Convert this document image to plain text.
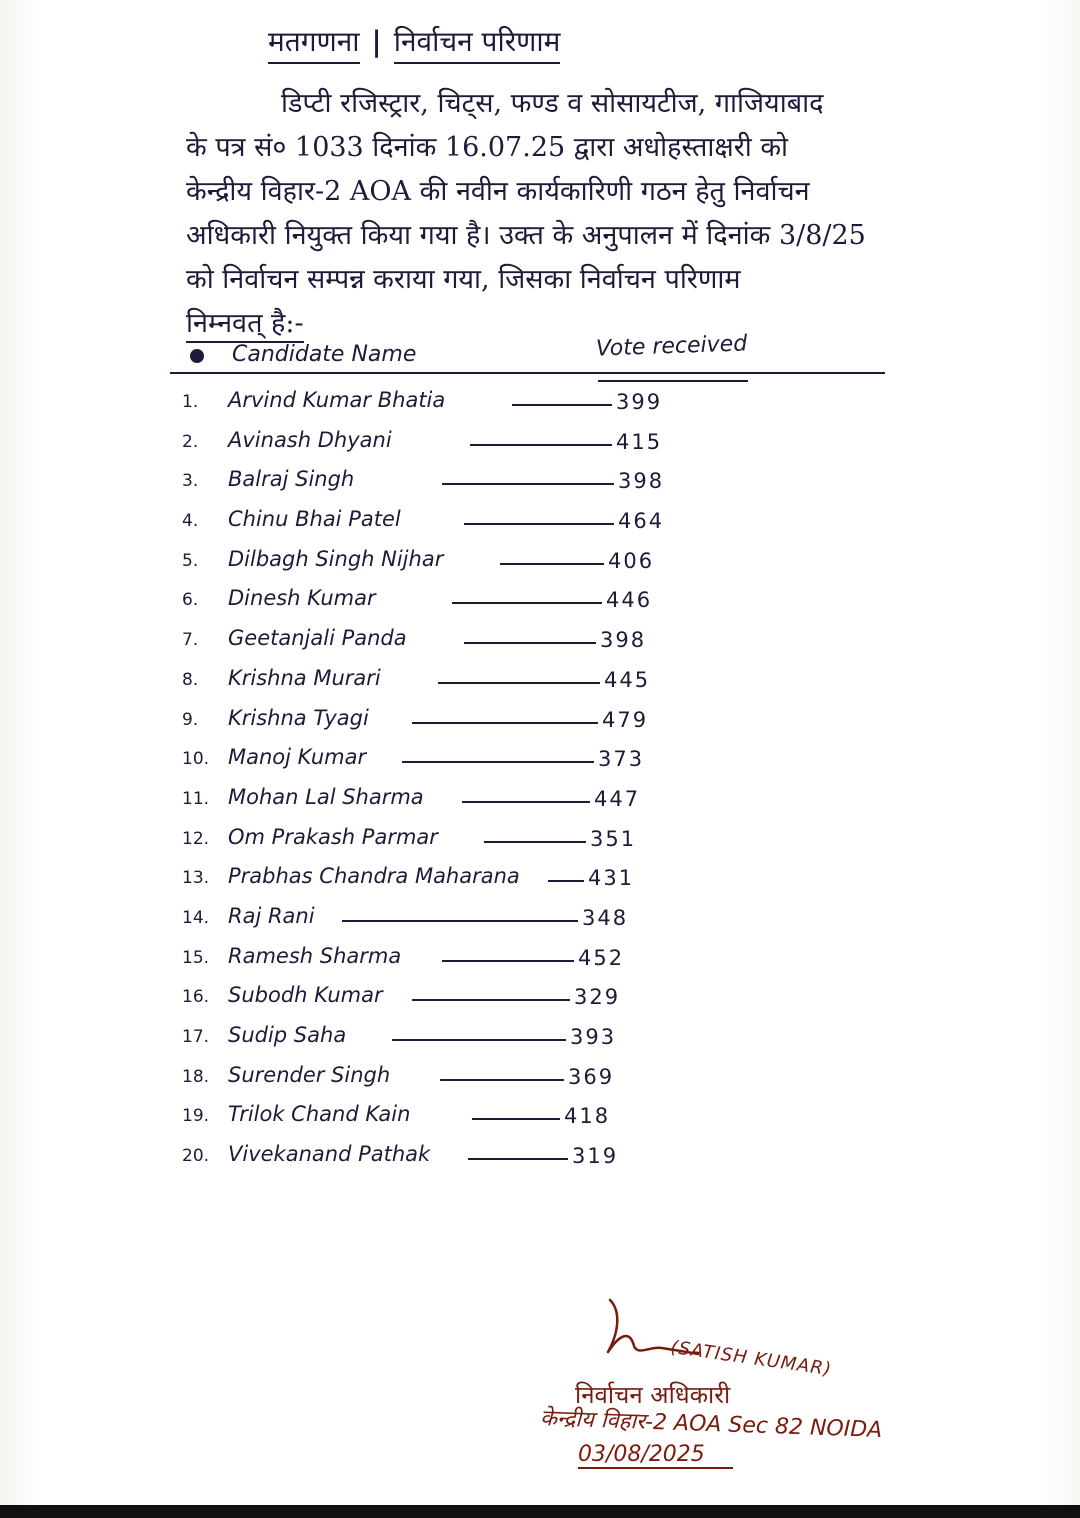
मतगणना | निर्वाचन परिणाम
डिप्टी रजिस्ट्रार, चिट्स, फण्ड व सोसायटीज, गाजियाबाद
के पत्र सं० 1033 दिनांक 16.07.25 द्वारा अधोहस्ताक्षरी को
केन्द्रीय विहार-2 AOA की नवीन कार्यकारिणी गठन हेतु निर्वाचन
अधिकारी नियुक्त किया गया है। उक्त के अनुपालन में दिनांक 3/8/25
को निर्वाचन सम्पन्न कराया गया, जिसका निर्वाचन परिणाम
निम्नवत् है:-
Candidate Name	Vote received
1.	Arvind Kumar Bhatia	399
2.	Avinash Dhyani	415
3.	Balraj Singh	398
4.	Chinu Bhai Patel	464
5.	Dilbagh Singh Nijhar	406
6.	Dinesh Kumar	446
7.	Geetanjali Panda	398
8.	Krishna Murari	445
9.	Krishna Tyagi	479
10. Manoj Kumar	373
11. Mohan Lal Sharma	447
12. Om Prakash Parmar	351
13. Prabhas Chandra Maharana	431
14. Raj Rani	348
15. Ramesh Sharma	452
16. Subodh Kumar	329
17. Sudip Saha	393
18. Surender Singh	369
19. Trilok Chand Kain	418
20. Vivekanand Pathak	319
(SATISH KUMAR)
निर्वाचन अधिकारी
केन्द्रीय विहार-2 AOA Sec 82 NOIDA
03/08/2025
